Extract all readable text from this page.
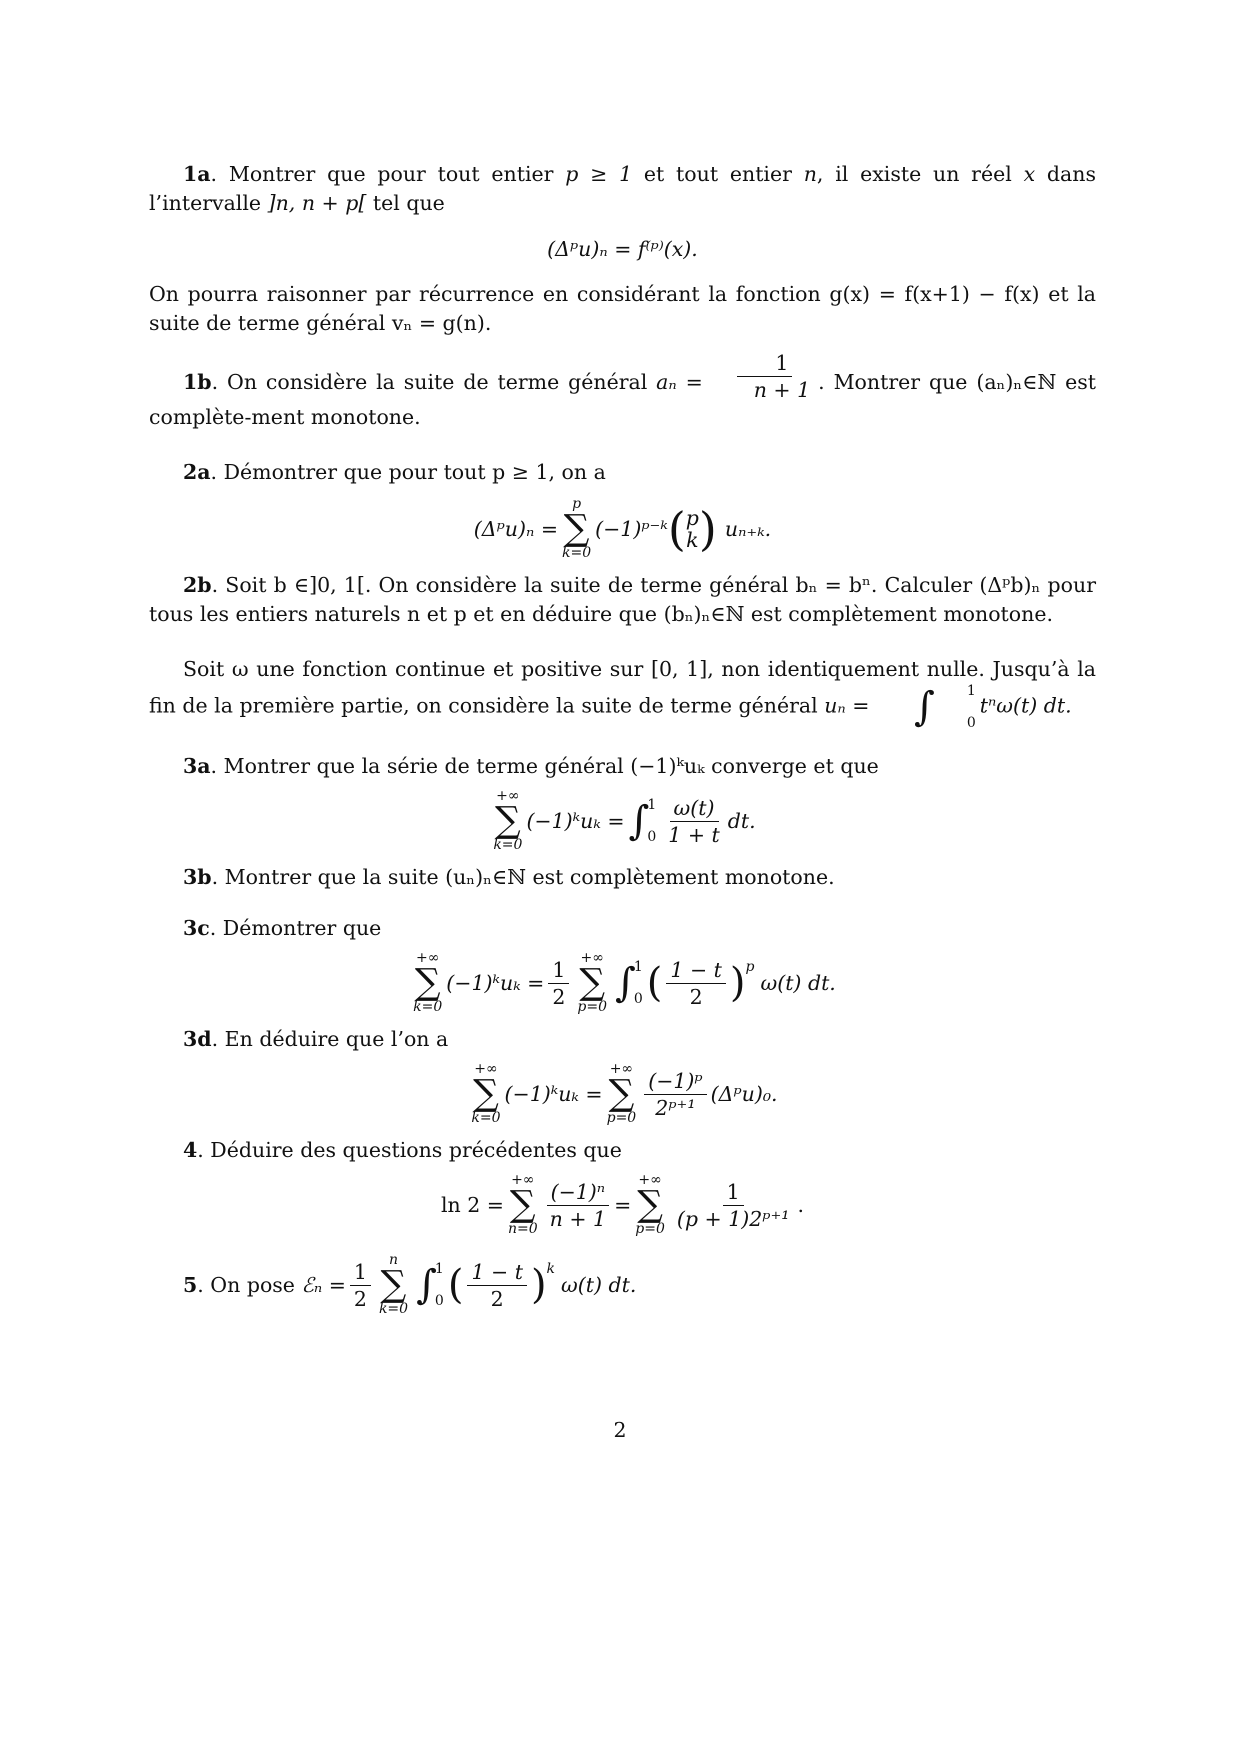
1a. Montrer que pour tout entier p ≥ 1 et tout entier n, il existe un réel x dans l’intervalle ]n, n + p[ tel que

(Δᵖu)ₙ = f⁽ᵖ⁾(x).

On pourra raisonner par récurrence en considérant la fonction g(x) = f(x+1) − f(x) et la suite de terme général vₙ = g(n).

1b. On considère la suite de terme général $a_n = \frac{1}{n + 1}$ . Montrer que (aₙ)ₙ∈ℕ est complète-ment monotone.

2a. Démontrer que pour tout p ≥ 1, on a

(Δᵖu)ₙ =
p
∑
k=0
(−1)ᵖ⁻ᵏ ( p
k ) uₙ₊ₖ.

2b. Soit b ∈]0, 1[. On considère la suite de terme général bₙ = bⁿ. Calculer (Δᵖb)ₙ pour tous les entiers naturels n et p et en déduire que (bₙ)ₙ∈ℕ est complètement monotone.

Soit ω une fonction continue et positive sur [0, 1], non identiquement nulle. Jusqu’à la fin de la première partie, on considère la suite de terme général uₙ =	∫	1
0
tⁿω(t) dt.

3a. Montrer que la série de terme général (−1)ᵏuₖ converge et que

+∞
∑
k=0
(−1)ᵏuₖ = ∫
1
$0 \frac{\omega(t)}{1 + t}$ dt.

3b. Montrer que la suite (uₙ)ₙ∈ℕ est complètement monotone.

3c. Démontrer que

+∞
∑
k=0
(−1)ᵏuₖ = $\frac{1}{2}$ +∞
∑
p=0
∫
1
0 ( $\frac{1 - t}{2} )^p$
ω(t) dt.

3d. En déduire que l’on a

+∞
∑
k=0
(−1)ᵏuₖ =
+∞
∑
$p=0 \frac{\text{(−1)ᵖ}}{\text{2ᵖ⁺¹}}$ (Δᵖu)₀.

4. Déduire des questions précédentes que

ln 2 =
+∞
∑
$n=0 \frac{\text{(−1)ⁿ}}{n + 1}$ =
+∞
∑
$p=0 \frac{1}{\text{(p + 1)2ᵖ⁺¹}}$ .
5 . On pose ℰₙ = $\frac{1}{2}$ n
∑
k=0
∫
1
0 ( $\frac{1 - t}{2} )^k$
ω(t) dt.
2
